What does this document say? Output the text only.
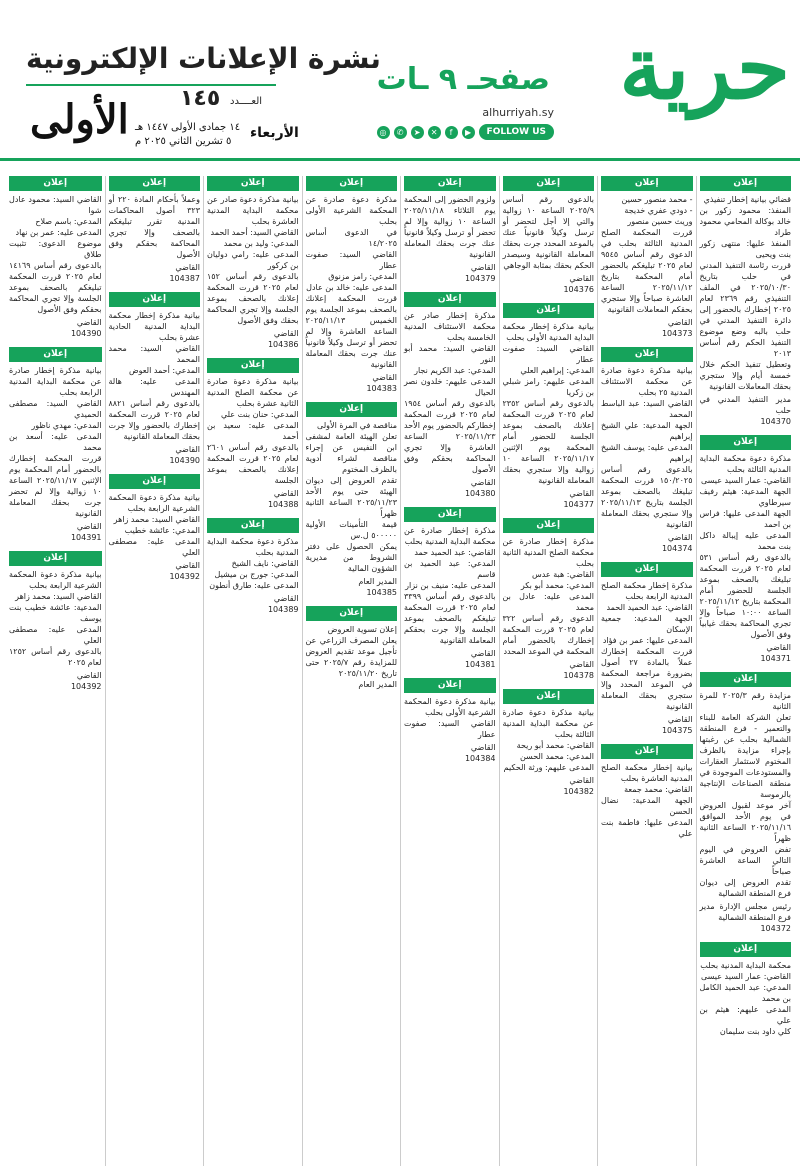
حرية
صفحـ ٩ ـات
alhurriyah.sy
FOLLOW US
▶
f
✕
➤
✆
◎
نشرة الإعلانات الإلكترونية
العــــدد
١٤٥
الأولى	الأربعاء
١٤ جمادى الأولى ١٤٤٧ هـ
٥ تشرين الثاني ٢٠٢٥ م
إعلان
قضائي بيانية إخطار تنفيذي
المنفذ: محمود زكور بن خالد بوكالة المحامي محمود طراد
المنفذ عليها: منتهى زكور بنت ويحيى
قررت رئاسة التنفيذ المدني في حلب بتاريخ ٢٠٢٥/١٠/٣٠ في الملف التنفيذي رقم ٢٣٦٩ لعام ٢٠٢٥ إخطارك بالحضور إلى دائرة التنفيذ المدني في حلب بالبه وضع موضوع التنفيذ الحكم رقم أساس ٢٠١٣
وتعطيل تنفيذ الحكم خلال خمسة أيام وإلا ستجري بحقك المعاملات القانونية
مدير التنفيذ المدني في حلب
104370
إعلان
مذكرة دعوة محكمة البداية المدنية الثالثة بحلب
القاضي: عمار السيد عيسى
الجهة المدعية: هيثم رفيف سيرطاوي
الجهة المدعى عليها: فراس بن احمد
المدعى عليه إيبالة داكل بنت محمد
بالدعوى رقم أساس ٥٣١ لعام ٢٠٢٥ قررت المحكمة تبليغك بالصحف بموعد الجلسة للحضور أمام المحكمة بتاريخ ٢٠٢٥/١١/١٢ الساعة ١٠:٠٠ صباحاً وإلا تجري المحاكمة بحقك غيابياً وفق الأصول
القاضي
104371
إعلان
مزايدة رقم ٢٠٢٥/٣ للمرة الثانية
تعلن الشركة العامة للبناء والتعمير - فرع المنطقة الشمالية بحلب عن رغبتها بإجراء مزايدة بالظرف المختوم لاستثمار العقارات والمستودعات الموجودة في منطقة الصناعات الإنتاجية بالرموسة
آخر موعد لقبول العروض في يوم الأحد الموافق ٢٠٢٥/١١/١٦ الساعة الثانية ظهراً
تفض العروض في اليوم التالي الساعة العاشرة صباحاً
تقدم العروض إلى ديوان فرع المنطقة الشمالية
رئيس مجلس الإدارة مدير فرع المنطقة الشمالية
104372
إعلان
محكمة البداية المدنية بحلب
القاضي: عمار السيد عيسى
المدعي: عبد الحميد الكامل بن محمد
المدعى عليهم: هيثم بن علي
كلي داود بنت سليمان
إعلان
- محمد منصور حسين
- دودي عفري خديجة
وريث حسين منصور
قررت المحكمة الصلح المدنية الثالثة بحلب في الدعوى رقم أساس ٩٥٤٥ لعام ٢٠٢٥ تبليغكم بالحضور أمام المحكمة بتاريخ ٢٠٢٥/١١/١٢ الساعة العاشرة صباحاً وإلا ستجري بحقكم المعاملات القانونية
القاضي
104373
إعلان
بيانية مذكرة دعوة صادرة عن محكمة الاستئناف المدنية ٢٥ بحلب
القاضي السيد: عبد الباسط المحمد
الجهة المدعية: علي الشيخ إبراهيم
المدعى عليه: يوسف الشيخ إبراهيم
بالدعوى رقم أساس ١٥٠/٢٠٢٥ قررت المحكمة تبليغك بالصحف بموعد الجلسة بتاريخ ٢٠٢٥/١١/١٣ وإلا ستجري بحقك المعاملة القانونية
القاضي
104374
إعلان
مذكرة إخطار محكمة الصلح المدنية الرابعة بحلب
القاضي: عبد الحميد الحمد
الجهة المدعية: جمعية الإسكان
المدعى عليها: عمر بن فؤاد
قررت المحكمة إخطارك عملاً بالمادة ٢٧ أصول بضرورة مراجعة المحكمة في الموعد المحدد وإلا ستجري بحقك المعاملة القانونية
القاضي
104375
إعلان
بيانية إخطار محكمة الصلح المدنية العاشرة بحلب
القاضي: محمد جمعة
الجهة المدعية: نضال الحسن
المدعى عليها: فاطمة بنت علي
إعلان
بالدعوى رقم أساس ٢٠٢٥/٩ الساعة ١٠ زوالية والتي إلا أجل لتحضر أو ترسل وكيلاً قانونياً عنك بالموعد المحدد جرت بحقك المعاملة القانونية وسيصدر الحكم بحقك بمثابة الوجاهي
القاضي
104376
إعلان
بيانية مذكرة إخطار محكمة البداية المدنية الأولى بحلب
القاضي السيد: صفوت عطار
المدعي: إبراهيم العلي
المدعى عليهم: رامز شبلي بن زكريا
بالدعوى رقم أساس ٢٣٥٢ لعام ٢٠٢٥ قررت المحكمة إعلانك بالصحف بموعد الجلسة للحضور أمام المحكمة يوم الإثنين ٢٠٢٥/١١/١٧ الساعة ١٠ زوالية وإلا ستجري بحقك المعاملة القانونية
القاضي
104377
إعلان
مذكرة إخطار صادرة عن محكمة الصلح المدنية الثانية بحلب
القاضي: هبة عدس
المدعي: محمد أبو بكر
المدعى عليه: عادل بن محمد
الدعوى رقم أساس ٣٢٢ لعام ٢٠٢٥ قررت المحكمة إخطارك بالحضور أمام المحكمة في الموعد المحدد
القاضي
104378
إعلان
بيانية مذكرة دعوة صادرة عن محكمة البداية المدنية الثالثة بحلب
القاضي: محمد أبو ريحة
المدعي: محمد الحسن
المدعى عليهم: ورثة الحكيم
القاضي
104382
إعلان
ولزوم الحضور إلى المحكمة يوم الثلاثاء ٢٠٢٥/١١/١٨ الساعة ١٠ زوالية وإلا لم تحضر أو ترسل وكيلاً قانونياً عنك جرت بحقك المعاملة القانونية
القاضي
104379
إعلان
مذكرة إخطار صادر عن محكمة الاستئناف المدنية الخامسة بحلب
القاضي السيد: محمد أبو النور
المدعي: عبد الكريم نجار
المدعى عليهم: خلدون نصر الحيال
بالدعوى رقم أساس ١٩٥٤ لعام ٢٠٢٥ قررت المحكمة إخطاركم بالحضور يوم الأحد ٢٠٢٥/١١/٢٣ الساعة العاشرة وإلا تجري المحاكمة بحقكم وفق الأصول
القاضي
104380
إعلان
مذكرة إخطار صادرة عن محكمة البداية المدنية بحلب
القاضي: عبد الحميد حمد
المدعي: عبد الحميد بن قاسم
المدعى عليه: منيف بن نزار
بالدعوى رقم أساس ٣٣٩٩ لعام ٢٠٢٥ قررت المحكمة تبليغكم بالصحف بموعد الجلسة وإلا جرت بحقكم المعاملة القانونية
القاضي
104381
إعلان
بيانية مذكرة دعوة المحكمة الشرعية الأولى بحلب
القاضي السيد: صفوت عطار
القاضي
104384
إعلان
مذكرة دعوة صادرة عن المحكمة الشرعية الأولى بحلب
في الدعوى أساس ١٤/٢٠٢٥
القاضي السيد: صفوت عطار
المدعي: رامز مزنوق
المدعى عليه: خالد بن عادل
قررت المحكمة إعلانك بالصحف بموعد الجلسة يوم الخميس ٢٠٢٥/١١/١٣ الساعة العاشرة وإلا لم تحضر أو ترسل وكيلاً قانونياً عنك جرت بحقك المعاملة القانونية
القاضي
104383
إعلان
مناقصة في المرة الأولى
تعلن الهيئة العامة لمشفى ابن النفيس عن إجراء مناقصة لشراء أدوية بالظرف المختوم
تقدم العروض إلى ديوان الهيئة حتى يوم الأحد ٢٠٢٥/١١/٢٣ الساعة الثانية ظهراً
قيمة التأمينات الأولية ٥٠٠٠٠٠ ل.س
يمكن الحصول على دفتر الشروط من مديرية الشؤون المالية
المدير العام
104385
إعلان
إعلان تسوية العروض
يعلن المصرف الزراعي عن تأجيل موعد تقديم العروض للمزايدة رقم ٢٠٢٥/٧ حتى تاريخ ٢٠٢٥/١١/٢٠
المدير العام
إعلان
بيانية مذكرة دعوة صادر عن محكمة البداية المدنية العاشرة بحلب
القاضي السيد: أحمد الحمد
المدعي: وليد بن محمد
المدعى عليه: رامي دوليان بن كركور
بالدعوى رقم أساس ١٥٢ لعام ٢٠٢٥ قررت المحكمة إعلانك بالصحف بموعد الجلسة وإلا تجري المحاكمة بحقك وفق الأصول
القاضي
104386
إعلان
بيانية مذكرة دعوة صادرة عن محكمة الصلح المدنية الثانية عشرة بحلب
المدعي: حنان بنت علي
المدعى عليه: سعيد بن أحمد
بالدعوى رقم أساس ٢٦٠١ لعام ٢٠٢٥ قررت المحكمة إعلانك بالصحف بموعد الجلسة
القاضي
104388
إعلان
مذكرة دعوة محكمة البداية المدنية بحلب
القاضي: نايف الشيخ
المدعي: جورج بن ميشيل
المدعى عليه: طارق أنطون
القاضي
104389
إعلان
وعملاً بأحكام المادة ٢٢٠ أو ٣٢٣ أصول المحاكمات المدنية تقرر تبليغكم بالصحف وإلا تجري المحاكمة بحقكم وفق الأصول
القاضي
104387
إعلان
بيانية مذكرة إخطار محكمة البداية المدنية الحادية عشرة بحلب
القاضي السيد: محمد المحمد
المدعي: أحمد العوض
المدعى عليه: هالة المهندس
بالدعوى رقم أساس ٨٨٢١ لعام ٢٠٢٥ قررت المحكمة إخطارك بالحضور وإلا جرت بحقك المعاملة القانونية
القاضي
104390
إعلان
بيانية مذكرة دعوة المحكمة الشرعية الرابعة بحلب
القاضي السيد: محمد زاهر
المدعي: عائشة خطيب
المدعى عليه: مصطفى العلي
القاضي
104392
إعلان
القاضي السيد: محمود عادل شوا
المدعي: باسم صلاح
المدعى عليه: عمر بن نهاد
موضوع الدعوى: تثبيت طلاق
بالدعوى رقم أساس ١٤١٦٩ لعام ٢٠٢٥ قررت المحكمة تبليغكم بالصحف بموعد الجلسة وإلا تجري المحاكمة بحقكم وفق الأصول
القاضي
104390
إعلان
بيانية مذكرة إخطار صادرة عن محكمة البداية المدنية الرابعة بحلب
القاضي السيد: مصطفى الحميدي
المدعي: مهدي ناظور
المدعى عليه: أسعد بن محمد
قررت المحكمة إخطارك بالحضور أمام المحكمة يوم الإثنين ٢٠٢٥/١١/١٧ الساعة ١٠ زوالية وإلا لم تحضر جرت بحقك المعاملة القانونية
القاضي
104391
إعلان
بيانية مذكرة دعوة المحكمة الشرعية الرابعة بحلب
القاضي السيد: محمد زاهر
المدعية: عائشة خطيب بنت يوسف
المدعى عليه: مصطفى العلي
بالدعوى رقم أساس ١٢٥٢ لعام ٢٠٢٥
القاضي
104392
